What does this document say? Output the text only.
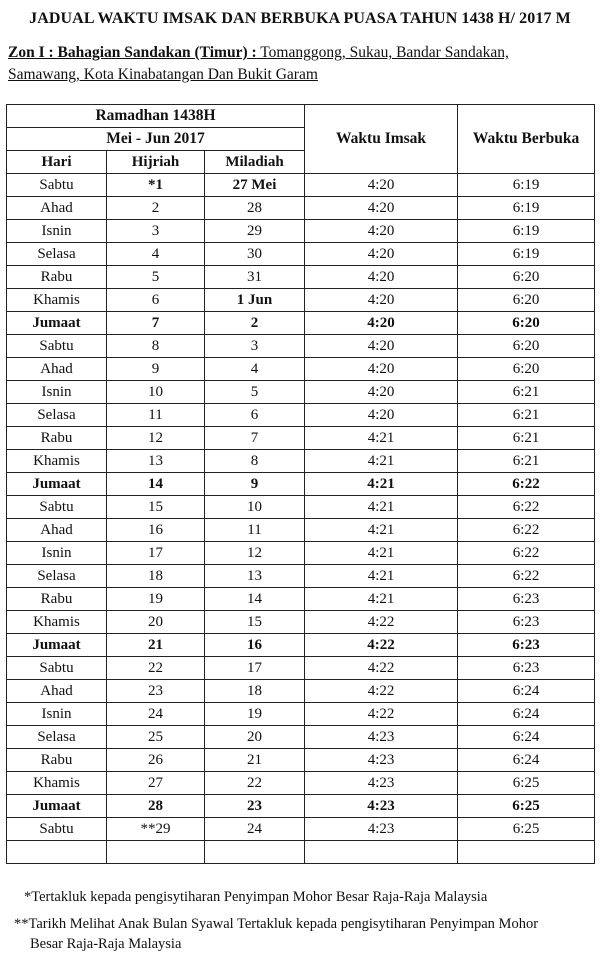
JADUAL WAKTU IMSAK DAN BERBUKA PUASA TAHUN 1438 H/ 2017 M
Zon I : Bahagian Sandakan (Timur) : Tomanggong, Sukau, Bandar Sandakan,
Samawang, Kota Kinabatangan Dan Bukit Garam
Ramadhan 1438H			Waktu Imsak	Waktu Berbuka
Mei - Jun 2017				
Hari	Hijriah	Miladiah		
Sabtu	*1	27 Mei	4:20	6:19
Ahad	2	28	4:20	6:19
Isnin	3	29	4:20	6:19
Selasa	4	30	4:20	6:19
Rabu	5	31	4:20	6:20
Khamis	6	1 Jun	4:20	6:20
Jumaat	7	2	4:20	6:20
Sabtu	8	3	4:20	6:20
Ahad	9	4	4:20	6:20
Isnin	10	5	4:20	6:21
Selasa	11	6	4:20	6:21
Rabu	12	7	4:21	6:21
Khamis	13	8	4:21	6:21
Jumaat	14	9	4:21	6:22
Sabtu	15	10	4:21	6:22
Ahad	16	11	4:21	6:22
Isnin	17	12	4:21	6:22
Selasa	18	13	4:21	6:22
Rabu	19	14	4:21	6:23
Khamis	20	15	4:22	6:23
Jumaat	21	16	4:22	6:23
Sabtu	22	17	4:22	6:23
Ahad	23	18	4:22	6:24
Isnin	24	19	4:22	6:24
Selasa	25	20	4:23	6:24
Rabu	26	21	4:23	6:24
Khamis	27	22	4:23	6:25
Jumaat	28	23	4:23	6:25
Sabtu	**29	24	4:23	6:25

*Tertakluk kepada pengisytiharan Penyimpan Mohor Besar Raja-Raja Malaysia
**Tarikh Melihat Anak Bulan Syawal Tertakluk kepada pengisytiharan Penyimpan Mohor
Besar Raja-Raja Malaysia
